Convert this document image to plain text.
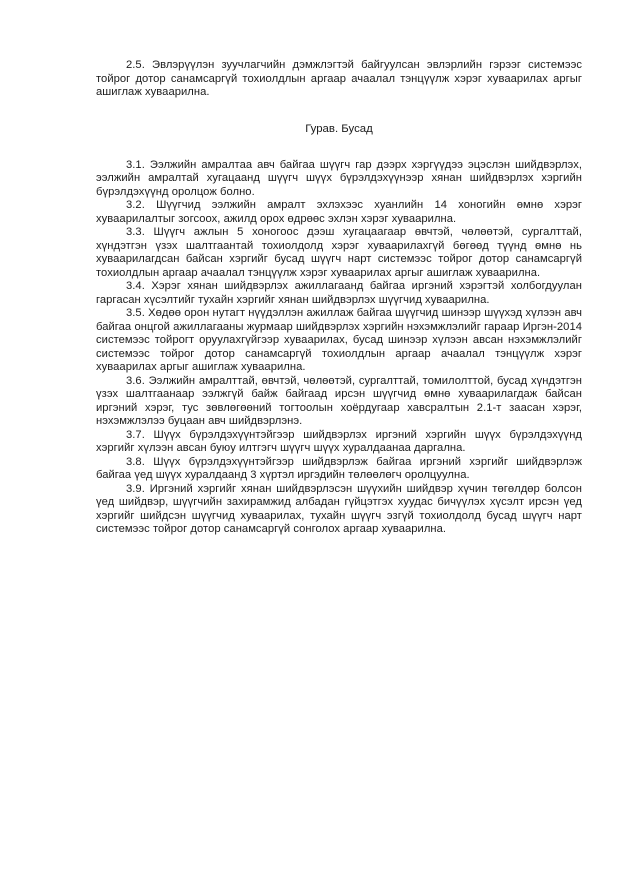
2.5. Эвлэрүүлэн зуучлагчийн дэмжлэгтэй байгуулсан эвлэрлийн гэрээг системээс тойрог дотор санамсаргүй тохиолдлын аргаар ачаалал тэнцүүлж хэрэг хуваарилах аргыг ашиглаж хуваарилна.

Гурав. Бусад

3.1. Ээлжийн амралтаа авч байгаа шүүгч гар дээрх хэргүүдээ эцэслэн шийдвэрлэх, ээлжийн амралтай хугацаанд шүүгч шүүх бүрэлдэхүүнээр хянан шийдвэрлэх хэргийн бүрэлдэхүүнд оролцож болно.

3.2. Шүүгчид ээлжийн амралт эхлэхээс хуанлийн 14 хоногийн өмнө хэрэг хуваарилалтыг зогсоох, ажилд орох өдрөөс эхлэн хэрэг хуваарилна.

3.3. Шүүгч ажлын 5 хоногоос дээш хугацаагаар өвчтэй, чөлөөтэй, сургалттай, хүндэтгэн үзэх шалтгаантай тохиолдолд хэрэг хуваарилахгүй бөгөөд түүнд өмнө нь хуваарилагдсан байсан хэргийг бусад шүүгч нарт системээс тойрог дотор санамсаргүй тохиолдлын аргаар ачаалал тэнцүүлж хэрэг хуваарилах аргыг ашиглаж хуваарилна.

3.4. Хэрэг хянан шийдвэрлэх ажиллагаанд байгаа иргэний хэрэгтэй холбогдуулан гаргасан хүсэлтийг тухайн хэргийг хянан шийдвэрлэх шүүгчид хуваарилна.

3.5. Хөдөө орон нутагт нүүдэллэн ажиллаж байгаа шүүгчид шинээр шүүхэд хүлээн авч байгаа онцгой ажиллагааны журмаар шийдвэрлэх хэргийн нэхэмжлэлийг гараар Иргэн-2014 системээс тойрогт оруулахгүйгээр хуваарилах, бусад шинээр хүлээн авсан нэхэмжлэлийг системээс тойрог дотор санамсаргүй тохиолдлын аргаар ачаалал тэнцүүлж хэрэг хуваарилах аргыг ашиглаж хуваарилна.

3.6. Ээлжийн амралттай, өвчтэй, чөлөөтэй, сургалттай, томилолттой, бусад хүндэтгэн үзэх шалтгаанаар ээлжгүй байж байгаад ирсэн шүүгчид өмнө хуваарилагдаж байсан иргэний хэрэг, тус зөвлөгөөний тогтоолын хоёрдугаар хавсралтын 2.1-т заасан хэрэг, нэхэмжлэлээ буцаан авч шийдвэрлэнэ.

3.7. Шүүх бүрэлдэхүүнтэйгээр шийдвэрлэх иргэний хэргийн шүүх бүрэлдэхүүнд хэргийг хүлээн авсан буюу илтгэгч шүүгч шүүх хуралдаанаа даргална.

3.8. Шүүх бүрэлдэхүүнтэйгээр шийдвэрлэж байгаа иргэний хэргийг шийдвэрлэж байгаа үед шүүх хуралдаанд 3 хүртэл иргэдийн төлөөлөгч оролцуулна.

3.9. Иргэний хэргийг хянан шийдвэрлэсэн шүүхийн шийдвэр хүчин төгөлдөр болсон үед шийдвэр, шүүгчийн захирамжид албадан гүйцэтгэх хуудас бичүүлэх хүсэлт ирсэн үед хэргийг шийдсэн шүүгчид хуваарилах, тухайн шүүгч эзгүй тохиолдолд бусад шүүгч нарт системээс тойрог дотор санамсаргүй сонголох аргаар хуваарилна.
